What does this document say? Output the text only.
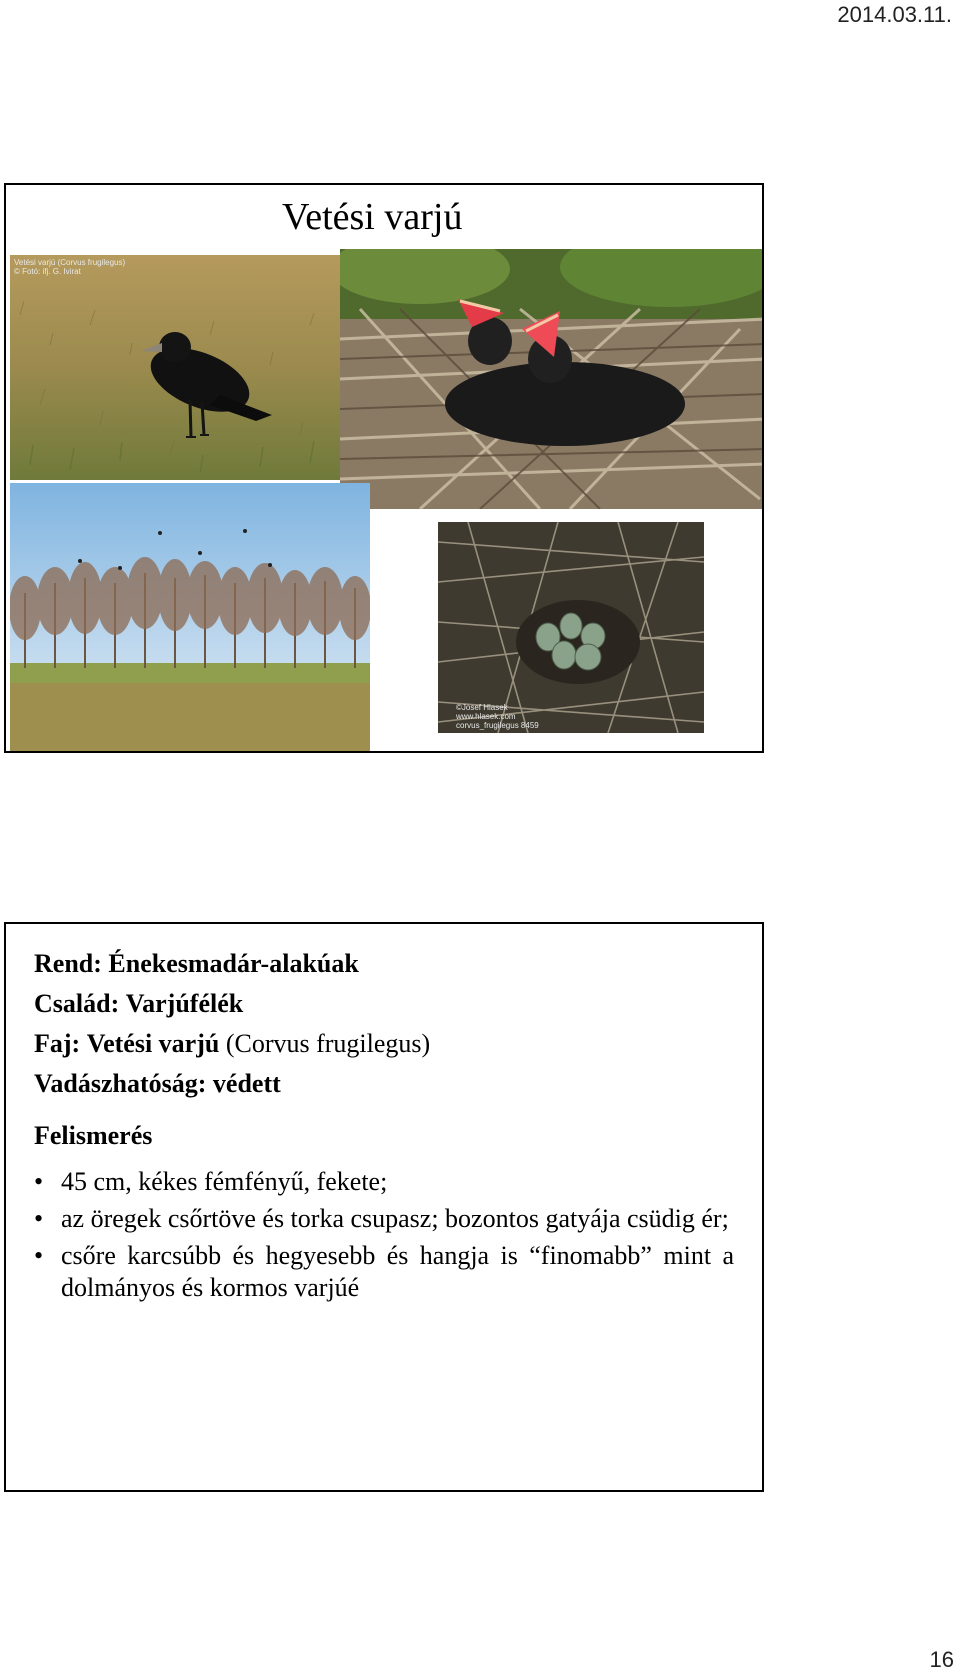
2014.03.11.
Vetési varjú
Vetési varjú (Corvus frugilegus)
© Fotó: ifj. G. Ivirat
©Josef Hlasek
www.hlasek.com
corvus_frugilegus 8459
Rend: Énekesmadár-alakúak
Család: Varjúfélék
Faj: Vetési varjú (Corvus frugilegus)
Vadászhatóság: védett
Felismerés
• 45 cm, kékes fémfényű, fekete;
• az öregek csőrtöve és torka csupasz; bozontos gatyája csüdig ér;
• csőre karcsúbb és hegyesebb és hangja is “finomabb” mint a dolmányos és kormos varjúé
16
